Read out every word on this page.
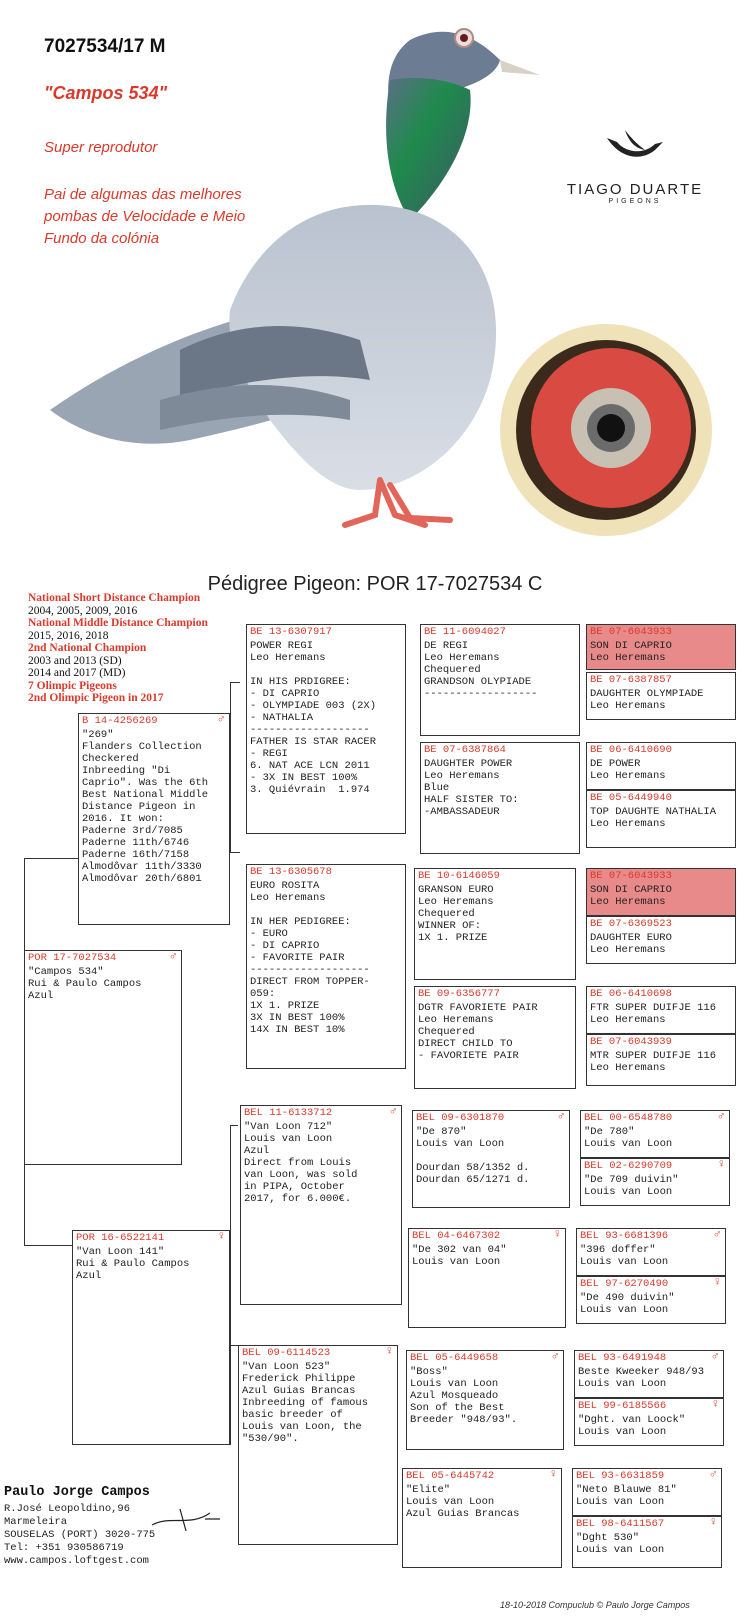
7027534/17 M
"Campos 534"
Super reprodutor
Pai de algumas das melhores pombas de Velocidade e Meio Fundo da colónia
TIAGO DUARTE
PIGEONS
Pédigree Pigeon: POR 17-7027534 C
National Short Distance Champion
2004, 2005, 2009, 2016
National Middle Distance Champion
2015, 2016, 2018
2nd National Champion
2003 and 2013 (SD)
2014 and 2017 (MD)
7 Olimpic Pigeons
2nd Olimpic Pigeon in 2017
POR 17-7027534	♂
"Campos 534"
Rui & Paulo Campos
Azul
B 14-4256269	♂
"269"
Flanders Collection
Checkered
Inbreeding "Di
Caprio". Was the 6th
Best National Middle
Distance Pigeon in
2016. It won:
Paderne 3rd/7085
Paderne 11th/6746
Paderne 16th/7158
Almodôvar 11th/3330
Almodôvar 20th/6801
POR 16-6522141	♀
"Van Loon 141"
Rui & Paulo Campos
Azul
BE 13-6307917
POWER REGI
Leo Heremans

IN HIS PRDIGREE:
- DI CAPRIO
- OLYMPIADE 003 (2X)
- NATHALIA
-------------------
FATHER IS STAR RACER
- REGI
6. NAT ACE LCN 2011
- 3X IN BEST 100%
3. Quiévrain  1.974
BE 13-6305678
EURO ROSITA
Leo Heremans

IN HER PEDIGREE:
- EURO
- DI CAPRIO
- FAVORITE PAIR
-------------------
DIRECT FROM TOPPER-
059:
1X 1. PRIZE
3X IN BEST 100%
14X IN BEST 10%
BEL 11-6133712	♂
"Van Loon 712"
Louis van Loon
Azul
Direct from Louis
van Loon, was sold
in PIPA, October
2017, for 6.000€.
BEL 09-6114523	♀
"Van Loon 523"
Frederick Philippe
Azul Guias Brancas
Inbreeding of famous
basic breeder of
Louis van Loon, the
"530/90".
BE 11-6094027
DE REGI
Leo Heremans
Chequered
GRANDSON OLYPIADE
------------------
BE 07-6387864
DAUGHTER POWER
Leo Heremans
Blue
HALF SISTER TO:
-AMBASSADEUR
BE 10-6146059
GRANSON EURO
Leo Heremans
Chequered
WINNER OF:
1X 1. PRIZE
BE 09-6356777
DGTR FAVORIETE PAIR
Leo Heremans
Chequered
DIRECT CHILD TO
- FAVORIETE PAIR
BEL 09-6301870	♂
"De 870"
Louis van Loon

Dourdan 58/1352 d.
Dourdan 65/1271 d.
BEL 04-6467302	♀
"De 302 van 04"
Louis van Loon
BEL 05-6449658	♂
"Boss"
Louis van Loon
Azul Mosqueado
Son of the Best
Breeder "948/93".
BEL 05-6445742	♀
"Elite"
Louis van Loon
Azul Guias Brancas
BE 07-6043933
SON DI CAPRIO
Leo Heremans
BE 07-6387857
DAUGHTER OLYMPIADE
Leo Heremans
BE 06-6410690
DE POWER
Leo Heremans
BE 05-6449940
TOP DAUGHTE NATHALIA
Leo Heremans
BE 07-6043933
SON DI CAPRIO
Leo Heremans
BE 07-6369523
DAUGHTER EURO
Leo Heremans
BE 06-6410698
FTR SUPER DUIFJE 116
Leo Heremans
BE 07-6043939
MTR SUPER DUIFJE 116
Leo Heremans
BEL 00-6548780	♂
"De 780"
Louis van Loon
BEL 02-6290709	♀
"De 709 duivin"
Louis van Loon
BEL 93-6681396	♂
"396 doffer"
Louis van Loon
BEL 97-6270490	♀
"De 490 duivin"
Louis van Loon
BEL 93-6491948	♂
Beste Kweeker 948/93
Louis van Loon
BEL 99-6185566	♀
"Dght. van Loock"
Louis van Loon
BEL 93-6631859	♂
"Neto Blauwe 81"
Louis van Loon
BEL 98-6411567	♀
"Dght 530"
Louis van Loon
Paulo Jorge Campos
R.José Leopoldino,96
Marmeleira
SOUSELAS (PORT) 3020-775
Tel: +351 930586719
www.campos.loftgest.com
18-10-2018 Compuclub © Paulo Jorge Campos
